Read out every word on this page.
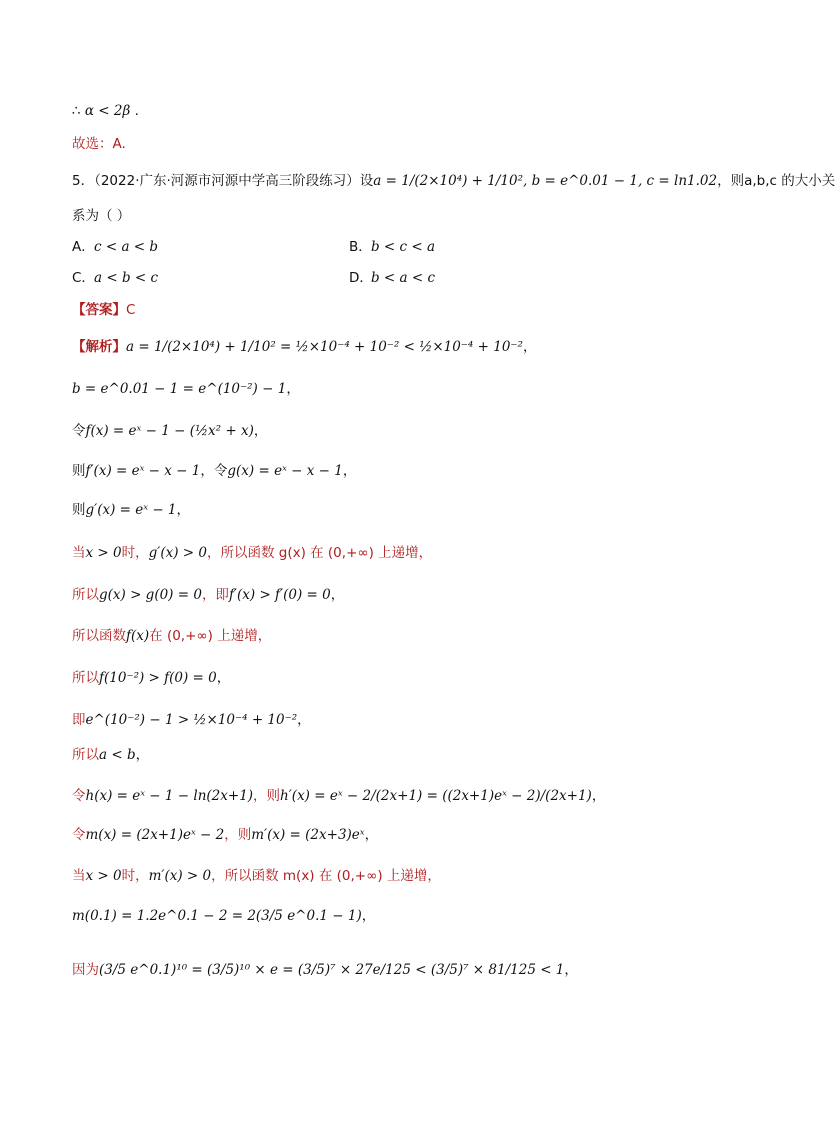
∴ α < 2β .
故选：A.
5．（2022·广东·河源市河源中学高三阶段练习）设a = 1/(2×10⁴) + 1/10², b = e^0.01 − 1, c = ln1.02，则a,b,c 的大小关
系为（ ）
A．c < a < b	B．b < c < a
C．a < b < c	D．b < a < c
【答案】C
【解析】a = 1/(2×10⁴) + 1/10² = ½×10⁻⁴ + 10⁻² < ½×10⁻⁴ + 10⁻²，
b = e^0.01 − 1 = e^(10⁻²) − 1，
令f(x) = eˣ − 1 − (½x² + x)，
则f′(x) = eˣ − x − 1，令g(x) = eˣ − x − 1，
则g′(x) = eˣ − 1，
当x > 0时，g′(x) > 0，所以函数 g(x) 在 (0,+∞) 上递增，
所以g(x) > g(0) = 0，即f′(x) > f′(0) = 0，
所以函数f(x)在 (0,+∞) 上递增，
所以f(10⁻²) > f(0) = 0，
即e^(10⁻²) − 1 > ½×10⁻⁴ + 10⁻²，
所以a < b，
令h(x) = eˣ − 1 − ln(2x+1)，则h′(x) = eˣ − 2/(2x+1) = ((2x+1)eˣ − 2)/(2x+1)，
令m(x) = (2x+1)eˣ − 2，则m′(x) = (2x+3)eˣ，
当x > 0时，m′(x) > 0，所以函数 m(x) 在 (0,+∞) 上递增，
m(0.1) = 1.2e^0.1 − 2 = 2(3/5 e^0.1 − 1)，
因为(3/5 e^0.1)¹⁰ = (3/5)¹⁰ × e = (3/5)⁷ × 27e/125 < (3/5)⁷ × 81/125 < 1，
